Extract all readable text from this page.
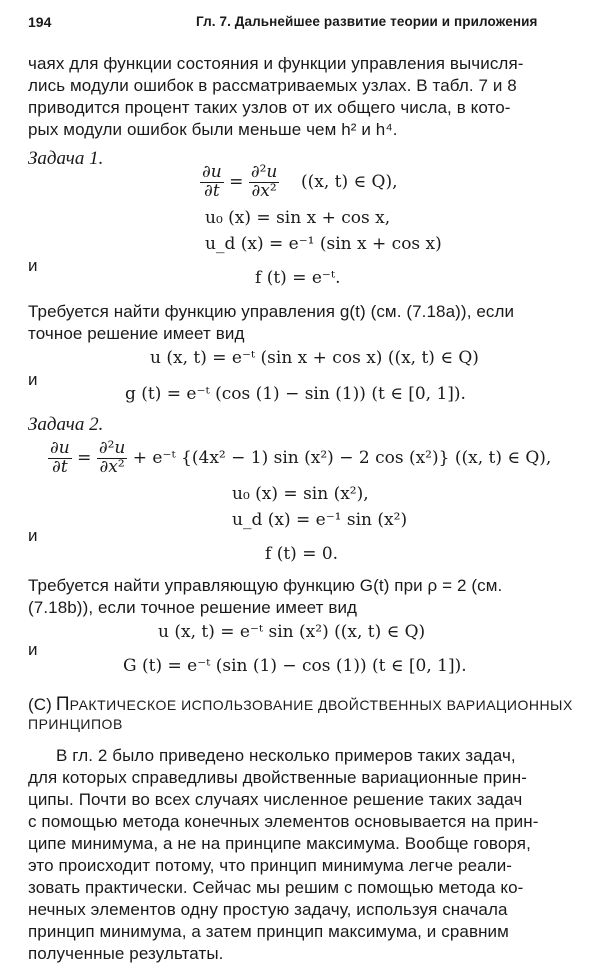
194	Гл. 7. Дальнейшее развитие теории и приложения
чаях для функции состояния и функции управления вычисля-
лись модули ошибок в рассматриваемых узлах. В табл. 7 и 8
приводится процент таких узлов от их общего числа, в кото-
рых модули ошибок были меньше чем h² и h⁴.
Задача 1.
$\frac{\partial u}{\partial t} = \frac{\text{∂²u}}{\text{∂x²}} ((x$, t) ∈ Q),
u₀ (x) = sin x + cos x,
u_d (x) = e⁻¹ (sin x + cos x)
и
f (t) = e⁻ᵗ.
Требуется найти функцию управления g(t) (см. (7.18a)), если
точное решение имеет вид
u (x, t) = e⁻ᵗ (sin x + cos x) ((x, t) ∈ Q)
и
g (t) = e⁻ᵗ (cos (1) − sin (1)) (t ∈ [0, 1]).
Задача 2.
$\frac{\partial u}{\partial t} = \frac{\text{∂²u}}{\text{∂x²}}$ + e⁻ᵗ {(4x² − 1) sin (x²) − 2 cos (x²)} ((x, t) ∈ Q),
u₀ (x) = sin (x²),
u_d (x) = e⁻¹ sin (x²)
и
f (t) = 0.
Требуется найти управляющую функцию G(t) при ρ = 2 (см.
(7.18b)), если точное решение имеет вид
u (x, t) = e⁻ᵗ sin (x²) ((x, t) ∈ Q)
и
G (t) = e⁻ᵗ (sin (1) − cos (1)) (t ∈ [0, 1]).
(С) ПРАКТИЧЕСКОЕ ИСПОЛЬЗОВАНИЕ ДВОЙСТВЕННЫХ ВАРИАЦИОННЫХ
ПРИНЦИПОВ
В гл. 2 было приведено несколько примеров таких задач,
для которых справедливы двойственные вариационные прин-
ципы. Почти во всех случаях численное решение таких задач
с помощью метода конечных элементов основывается на прин-
ципе минимума, а не на принципе максимума. Вообще говоря,
это происходит потому, что принцип минимума легче реали-
зовать практически. Сейчас мы решим с помощью метода ко-
нечных элементов одну простую задачу, используя сначала
принцип минимума, а затем принцип максимума, и сравним
полученные результаты.
